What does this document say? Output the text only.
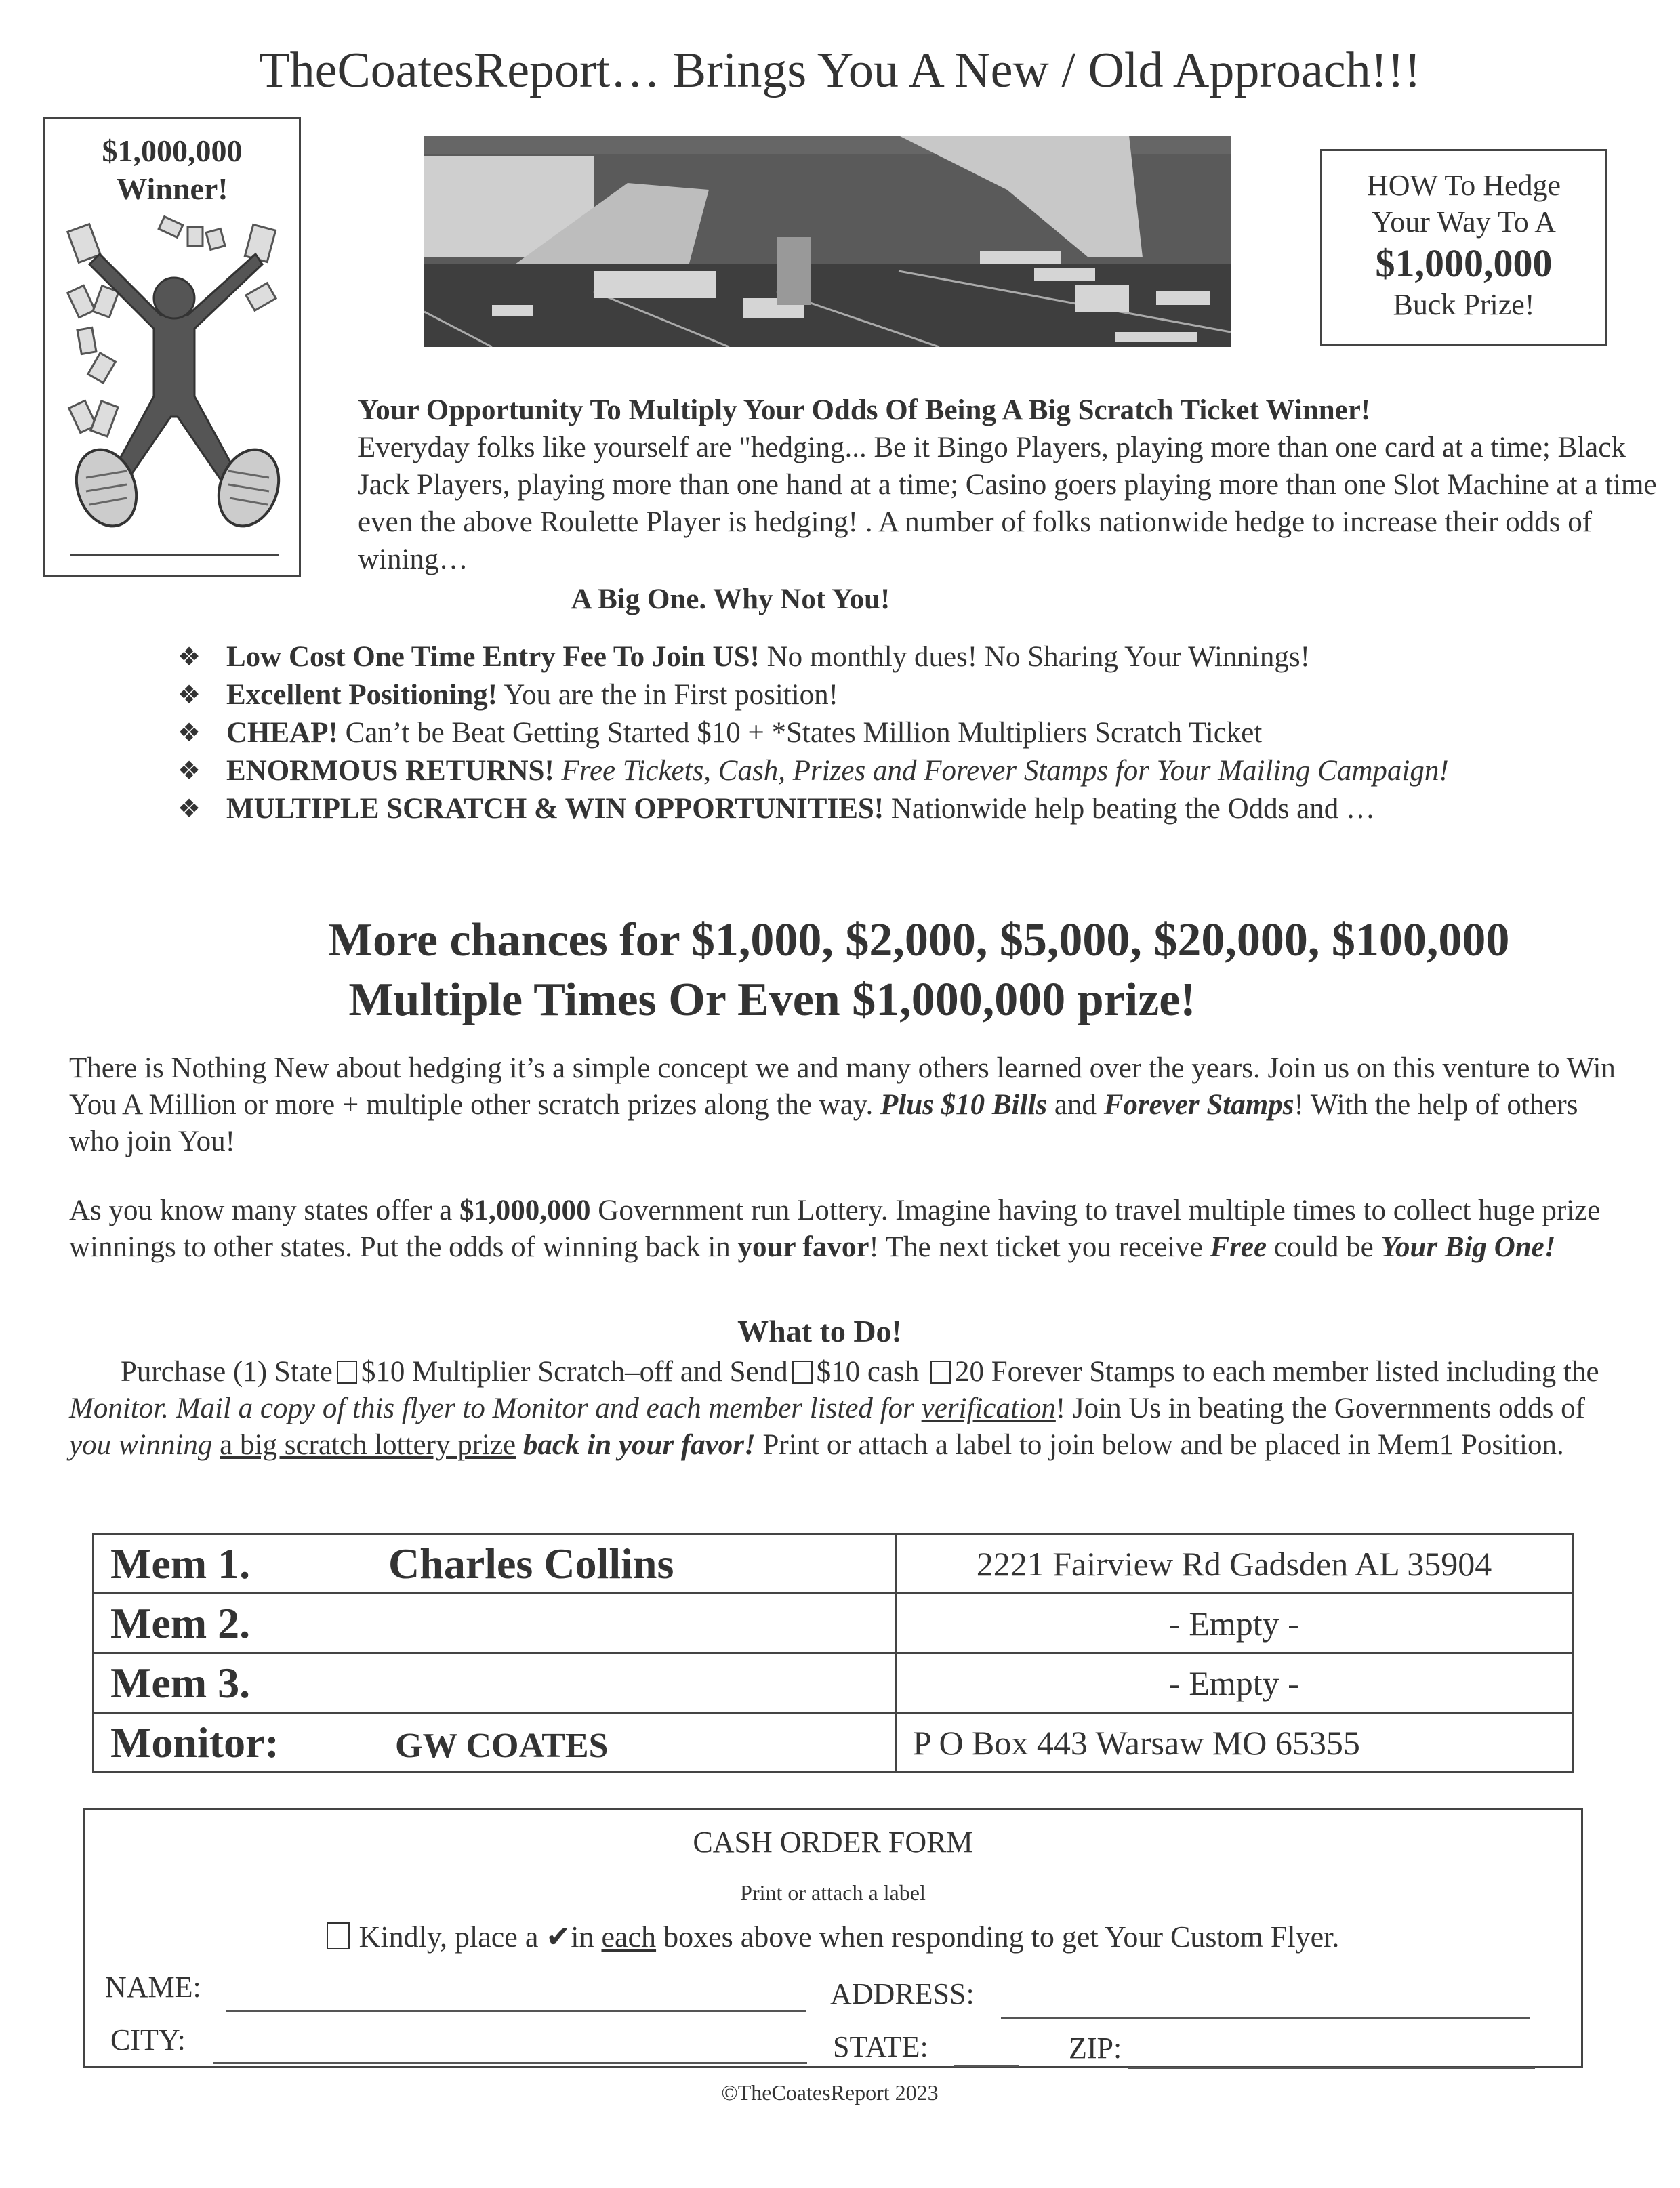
TheCoatesReport… Brings You A New / Old Approach!!!
$1,000,000
Winner!	HOW To Hedge
Your Way To A
$1,000,000
Buck Prize!
Your Opportunity To Multiply Your Odds Of Being A Big Scratch Ticket Winner!
Everyday folks like yourself are "hedging... Be it Bingo Players, playing more than one card at a time; Black Jack Players, playing more than one hand at a time; Casino goers playing more than one Slot Machine at a time even the above Roulette Player is hedging! . A number of folks nationwide hedge to increase their odds of wining…
A Big One. Why Not You!
❖ Low Cost One Time Entry Fee To Join US! No monthly dues! No Sharing Your Winnings!
❖ Excellent Positioning! You are the in First position!
❖ CHEAP! Can’t be Beat Getting Started $10 + *States Million Multipliers Scratch Ticket
❖ ENORMOUS RETURNS! Free Tickets, Cash, Prizes and Forever Stamps for Your Mailing Campaign!
❖ MULTIPLE SCRATCH & WIN OPPORTUNITIES! Nationwide help beating the Odds and …
More chances for $1,000, $2,000, $5,000, $20,000, $100,000
Multiple Times Or Even $1,000,000 prize!
There is Nothing New about hedging it’s a simple concept we and many others learned over the years. Join us on this venture to Win You A Million or more + multiple other scratch prizes along the way. Plus $10 Bills and Forever Stamps! With the help of others who join You!
As you know many states offer a $1,000,000 Government run Lottery. Imagine having to travel multiple times to collect huge prize winnings to other states. Put the odds of winning back in your favor! The next ticket you receive Free could be Your Big One!
What to Do!
Purchase (1) State $10 Multiplier Scratch–off and Send $10 cash 20 Forever Stamps to each member listed including the Monitor. Mail a copy of this flyer to Monitor and each member listed for verification! Join Us in beating the Governments odds of you winning a big scratch lottery prize back in your favor! Print or attach a label to join below and be placed in Mem1 Position.
Mem 1. Charles Collins	2221 Fairview Rd Gadsden AL 35904
Mem 2.	- Empty -
Mem 3.	- Empty -
Monitor: GW COATES	P O Box 443 Warsaw MO 65355
CASH ORDER FORM
Print or attach a label
Kindly, place a ✔in each boxes above when responding to get Your Custom Flyer.
NAME:	ADDRESS:
CITY:	STATE:	ZIP:
©TheCoatesReport 2023
